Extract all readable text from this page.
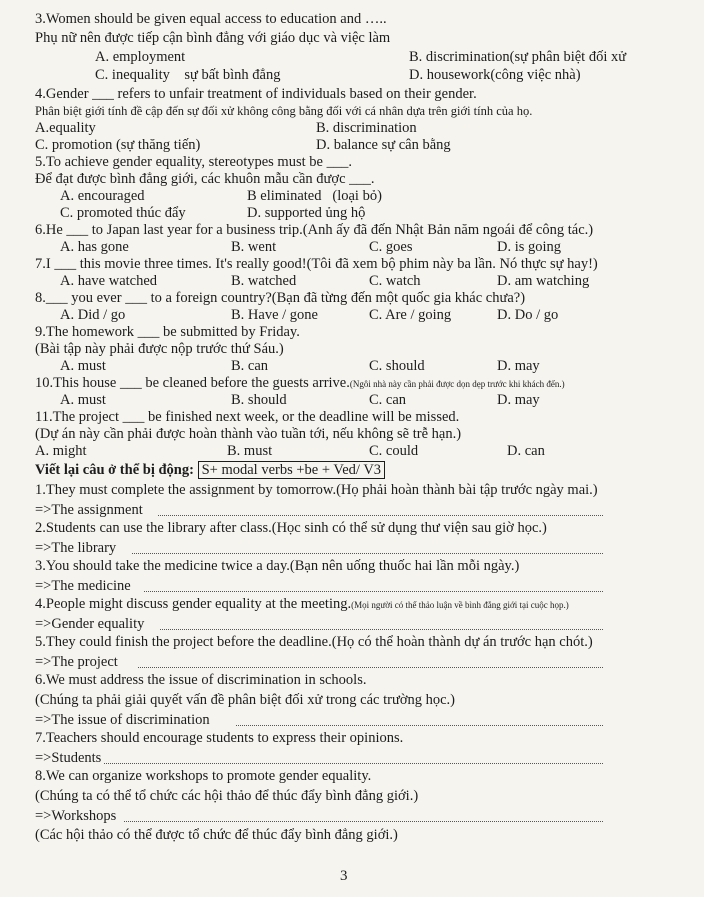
3.Women should be given equal access to education and …..
Phụ nữ nên được tiếp cận bình đẳng với giáo dục và việc làm
A. employment	B. discrimination(sự phân biệt đối xử
C. inequality    sự bất bình đẳng	D. housework(công việc nhà)
4.Gender ___ refers to unfair treatment of individuals based on their gender.
Phân biệt giới tính đề cập đến sự đối xử không công bằng đối với cá nhân dựa trên giới tính của họ.
A.equality	B. discrimination
C. promotion (sự thăng tiến)	D. balance sự cân bằng
5.To achieve gender equality, stereotypes must be ___.
Để đạt được bình đẳng giới, các khuôn mẫu cần được ___.
A. encouraged	B eliminated   (loại bỏ)
C. promoted thúc đẩy	D. supported ủng hộ
6.He ___ to Japan last year for a business trip.(Anh ấy đã đến Nhật Bản năm ngoái để công tác.)
A. has gone	B. went	C. goes	D. is going
7.I ___ this movie three times. It's really good!(Tôi đã xem bộ phim này ba lần. Nó thực sự hay!)
A. have watched	B. watched	C. watch	D. am watching
8.___ you ever ___ to a foreign country?(Bạn đã từng đến một quốc gia khác chưa?)
A. Did / go	B. Have / gone	C. Are / going	D. Do / go
9.The homework ___ be submitted by Friday.
(Bài tập này phải được nộp trước thứ Sáu.)
A. must	B. can	C. should	D. may
10.This house ___ be cleaned before the guests arrive.(Ngôi nhà này cần phải được dọn dẹp trước khi khách đến.)
A. must	B. should	C. can	D. may
11.The project ___ be finished next week, or the deadline will be missed.
(Dự án này cần phải được hoàn thành vào tuần tới, nếu không sẽ trễ hạn.)
A. might	B. must	C. could	D. can
Viết lại câu ở thể bị động: S+ modal verbs +be + Ved/ V3
1.They must complete the assignment by tomorrow.(Họ phải hoàn thành bài tập trước ngày mai.)
=>The assignment
2.Students can use the library after class.(Học sinh có thể sử dụng thư viện sau giờ học.)
=>The library
3.You should take the medicine twice a day.(Bạn nên uống thuốc hai lần mỗi ngày.)
=>The medicine
4.People might discuss gender equality at the meeting.(Mọi người có thể thảo luận về bình đẳng giới tại cuộc họp.)
=>Gender equality
5.They could finish the project before the deadline.(Họ có thể hoàn thành dự án trước hạn chót.)
=>The project
6.We must address the issue of discrimination in schools.
(Chúng ta phải giải quyết vấn đề phân biệt đối xử trong các trường học.)
=>The issue of discrimination
7.Teachers should encourage students to express their opinions.
=>Students
8.We can organize workshops to promote gender equality.
(Chúng ta có thể tổ chức các hội thảo để thúc đẩy bình đẳng giới.)
=>Workshops
(Các hội thảo có thể được tổ chức để thúc đẩy bình đẳng giới.)
3
